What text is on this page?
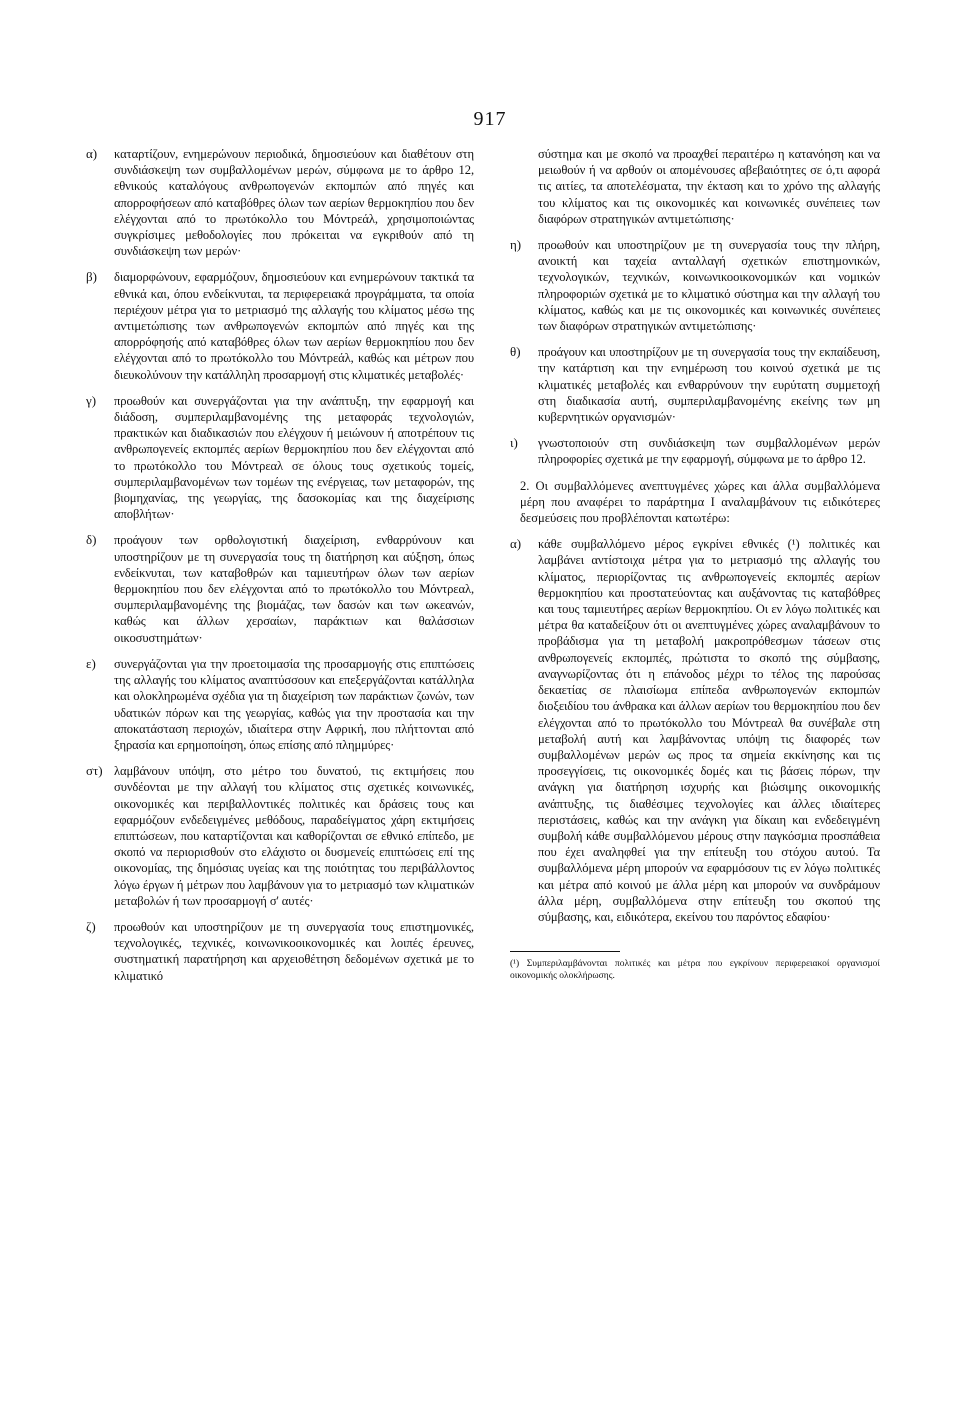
917
α)	καταρτίζουν, ενημερώνουν περιοδικά, δημοσιεύουν και διαθέτουν στη συνδιάσκεψη των συμβαλλομένων μερών, σύμφωνα με το άρθρο 12, εθνικούς καταλόγους ανθρωπογενών εκπομπών από πηγές και απορροφήσεων από καταβόθρες όλων των αερίων θερμοκηπίου που δεν ελέγχονται από το πρωτόκολλο του Μόντρεάλ, χρησιμοποιώντας συγκρίσιμες μεθοδολογίες που πρόκειται να εγκριθούν από τη συνδιάσκεψη των μερών·
β)	διαμορφώνουν, εφαρμόζουν, δημοσιεύουν και ενημερώνουν τακτικά τα εθνικά και, όπου ενδείκνυται, τα περιφερειακά προγράμματα, τα οποία περιέχουν μέτρα για το μετριασμό της αλλαγής του κλίματος μέσω της αντιμετώπισης των ανθρωπογενών εκπομπών από πηγές και της απορρόφησής από καταβόθρες όλων των αερίων θερμοκηπίου που δεν ελέγχονται από το πρωτόκολλο του Μόντρεάλ, καθώς και μέτρων που διευκολύνουν την κατάλληλη προσαρμογή στις κλιματικές μεταβολές·
γ)	προωθούν και συνεργάζονται για την ανάπτυξη, την εφαρμογή και διάδοση, συμπεριλαμβανομένης της μεταφοράς τεχνολογιών, πρακτικών και διαδικασιών που ελέγχουν ή μειώνουν ή αποτρέπουν τις ανθρωπογενείς εκπομπές αερίων θερμοκηπίου που δεν ελέγχονται από το πρωτόκολλο του Μόντρεαλ σε όλους τους σχετικούς τομείς, συμπεριλαμβανομένων των τομέων της ενέργειας, των μεταφορών, της βιομηχανίας, της γεωργίας, της δασοκομίας και της διαχείρισης αποβλήτων·
δ)	προάγουν των ορθολογιστική διαχείριση, ενθαρρύνουν και υποστηρίζουν με τη συνεργασία τους τη διατήρηση και αύξηση, όπως ενδείκνυται, των καταβοθρών και ταμιευτήρων όλων των αερίων θερμοκηπίου που δεν ελέγχονται από το πρωτόκολλο του Μόντρεαλ, συμπεριλαμβανομένης της βιομάζας, των δασών και των ωκεανών, καθώς και άλλων χερσαίων, παράκτιων και θαλάσσιων οικοσυστημάτων·
ε)	συνεργάζονται για την προετοιμασία της προσαρμογής στις επιπτώσεις της αλλαγής του κλίματος αναπτύσσουν και επεξεργάζονται κατάλληλα και ολοκληρωμένα σχέδια για τη διαχείριση των παράκτιων ζωνών, των υδατικών πόρων και της γεωργίας, καθώς για την προστασία και την αποκατάσταση περιοχών, ιδιαίτερα στην Αφρική, που πλήττονται από ξηρασία και ερημοποίηση, όπως επίσης από πλημμύρες·
στ) λαμβάνουν υπόψη, στο μέτρο του δυνατού, τις εκτιμήσεις που συνδέονται με την αλλαγή του κλίματος στις σχετικές κοινωνικές, οικονομικές και περιβαλλοντικές πολιτικές και δράσεις τους και εφαρμόζουν ενδεδειγμένες μεθόδους, παραδείγματος χάρη εκτιμήσεις επιπτώσεων, που καταρτίζονται και καθορίζονται σε εθνικό επίπεδο, με σκοπό να περιορισθούν στο ελάχιστο οι δυσμενείς επιπτώσεις επί της οικονομίας, της δημόσιας υγείας και της ποιότητας του περιβάλλοντος λόγω έργων ή μέτρων που λαμβάνουν για το μετριασμό των κλιματικών μεταβολών ή των προσαρμογή σ' αυτές·
ζ)	προωθούν και υποστηρίζουν με τη συνεργασία τους επιστημονικές, τεχνολογικές, τεχνικές, κοινωνικοοικονομικές και λοιπές έρευνες, συστηματική παρατήρηση και αρχειοθέτηση δεδομένων σχετικά με το κλιματικό
σύστημα και με σκοπό να προαχθεί περαιτέρω η κατανόηση και να μειωθούν ή να αρθούν οι απομένουσες αβεβαιότητες σε ό,τι αφορά τις αιτίες, τα αποτελέσματα, την έκταση και το χρόνο της αλλαγής του κλίματος και τις οικονομικές και κοινωνικές συνέπειες των διαφόρων στρατηγικών αντιμετώπισης·
η)	προωθούν και υποστηρίζουν με τη συνεργασία τους την πλήρη, ανοικτή και ταχεία ανταλλαγή σχετικών επιστημονικών, τεχνολογικών, τεχνικών, κοινωνικοοικονομικών και νομικών πληροφοριών σχετικά με το κλιματικό σύστημα και την αλλαγή του κλίματος, καθώς και με τις οικονομικές και κοινωνικές συνέπειες των διαφόρων στρατηγικών αντιμετώπισης·
θ)	προάγουν και υποστηρίζουν με τη συνεργασία τους την εκπαίδευση, την κατάρτιση και την ενημέρωση του κοινού σχετικά με τις κλιματικές μεταβολές και ενθαρρύνουν την ευρύτατη συμμετοχή στη διαδικασία αυτή, συμπεριλαμβανομένης εκείνης των μη κυβερνητικών οργανισμών·
ι)	γνωστοποιούν στη συνδιάσκεψη των συμβαλλομένων μερών πληροφορίες σχετικά με την εφαρμογή, σύμφωνα με το άρθρο 12.
2. Οι συμβαλλόμενες ανεπτυγμένες χώρες και άλλα συμβαλλόμενα μέρη που αναφέρει το παράρτημα I αναλαμβάνουν τις ειδικότερες δεσμεύσεις που προβλέπονται κατωτέρω:
α)	κάθε συμβαλλόμενο μέρος εγκρίνει εθνικές (¹) πολιτικές και λαμβάνει αντίστοιχα μέτρα για το μετριασμό της αλλαγής του κλίματος, περιορίζοντας τις ανθρωπογενείς εκπομπές αερίων θερμοκηπίου και προστατεύοντας και αυξάνοντας τις καταβόθρες και τους ταμιευτήρες αερίων θερμοκηπίου. Οι εν λόγω πολιτικές και μέτρα θα καταδείξουν ότι οι ανεπτυγμένες χώρες αναλαμβάνουν το προβάδισμα για τη μεταβολή μακροπρόθεσμων τάσεων στις ανθρωπογενείς εκπομπές, πρώτιστα το σκοπό της σύμβασης, αναγνωρίζοντας ότι η επάνοδος μέχρι το τέλος της παρούσας δεκαετίας σε πλαισίωμα επίπεδα ανθρωπογενών εκπομπών διοξειδίου του άνθρακα και άλλων αερίων του θερμοκηπίου που δεν ελέγχονται από το πρωτόκολλο του Μόντρεαλ θα συνέβαλε στη μεταβολή αυτή και λαμβάνοντας υπόψη τις διαφορές των συμβαλλομένων μερών ως προς τα σημεία εκκίνησης και τις προσεγγίσεις, τις οικονομικές δομές και τις βάσεις πόρων, την ανάγκη για διατήρηση ισχυρής και βιώσιμης οικονομικής ανάπτυξης, τις διαθέσιμες τεχνολογίες και άλλες ιδιαίτερες περιστάσεις, καθώς και την ανάγκη για δίκαιη και ενδεδειγμένη συμβολή κάθε συμβαλλόμενου μέρους στην παγκόσμια προσπάθεια που έχει αναληφθεί για την επίτευξη του στόχου αυτού. Τα συμβαλλόμενα μέρη μπορούν να εφαρμόσουν τις εν λόγω πολιτικές και μέτρα από κοινού με άλλα μέρη και μπορούν να συνδράμουν άλλα μέρη, συμβαλλόμενα στην επίτευξη του σκοπού της σύμβασης, και, ειδικότερα, εκείνου του παρόντος εδαφίου·
(¹) Συμπεριλαμβάνονται πολιτικές και μέτρα που εγκρίνουν περιφερειακοί οργανισμοί οικονομικής ολοκλήρωσης.
